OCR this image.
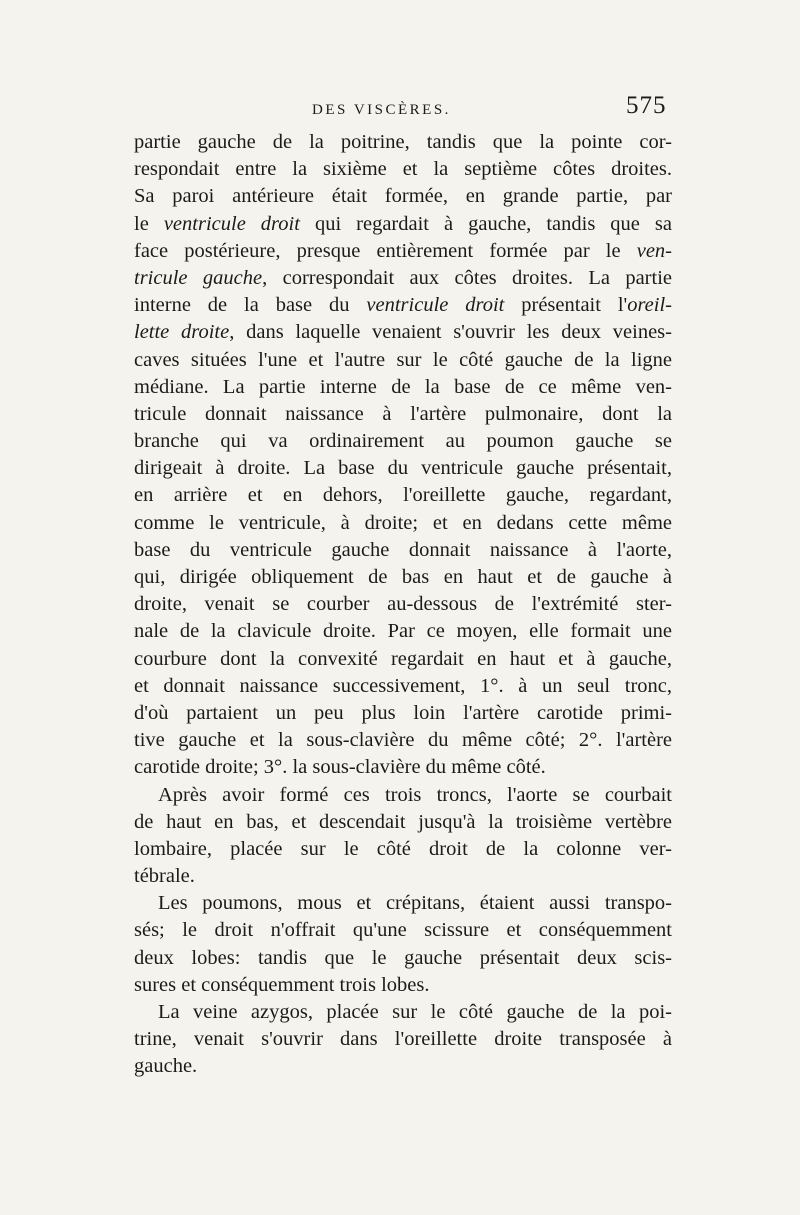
DES VISCÈRES.	575
partie gauche de la poitrine, tandis que la pointe cor-
respondait entre la sixième et la septième côtes droites.
Sa paroi antérieure était formée, en grande partie, par
le ventricule droit qui regardait à gauche, tandis que sa
face postérieure, presque entièrement formée par le ven-
tricule gauche, correspondait aux côtes droites. La partie
interne de la base du ventricule droit présentait l'oreil-
lette droite, dans laquelle venaient s'ouvrir les deux veines-
caves situées l'une et l'autre sur le côté gauche de la ligne
médiane. La partie interne de la base de ce même ven-
tricule donnait naissance à l'artère pulmonaire, dont la
branche qui va ordinairement au poumon gauche se
dirigeait à droite. La base du ventricule gauche présentait,
en arrière et en dehors, l'oreillette gauche, regardant,
comme le ventricule, à droite; et en dedans cette même
base du ventricule gauche donnait naissance à l'aorte,
qui, dirigée obliquement de bas en haut et de gauche à
droite, venait se courber au-dessous de l'extrémité ster-
nale de la clavicule droite. Par ce moyen, elle formait une
courbure dont la convexité regardait en haut et à gauche,
et donnait naissance successivement, 1°. à un seul tronc,
d'où partaient un peu plus loin l'artère carotide primi-
tive gauche et la sous-clavière du même côté; 2°. l'artère
carotide droite; 3°. la sous-clavière du même côté.
Après avoir formé ces trois troncs, l'aorte se courbait
de haut en bas, et descendait jusqu'à la troisième vertèbre
lombaire, placée sur le côté droit de la colonne ver-
tébrale.
Les poumons, mous et crépitans, étaient aussi transpo-
sés; le droit n'offrait qu'une scissure et conséquemment
deux lobes: tandis que le gauche présentait deux scis-
sures et conséquemment trois lobes.
La veine azygos, placée sur le côté gauche de la poi-
trine, venait s'ouvrir dans l'oreillette droite transposée à
gauche.
